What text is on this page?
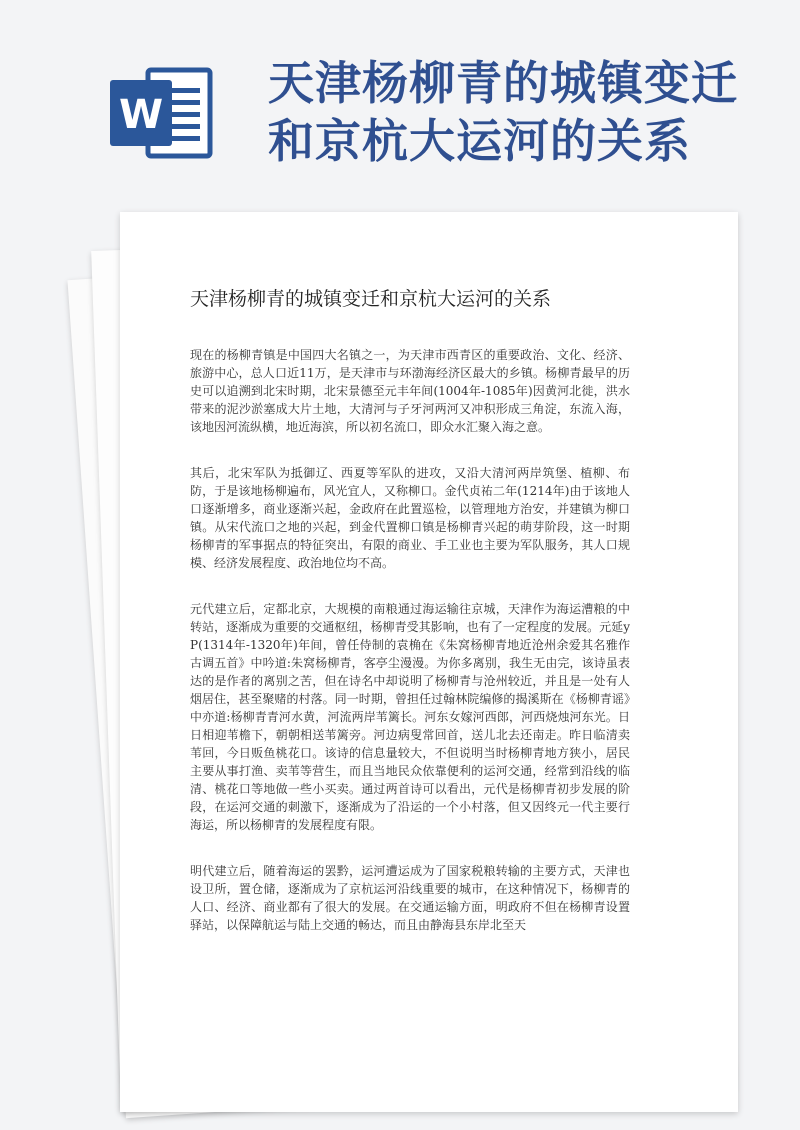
W
天津杨柳青的城镇变迁
和京杭大运河的关系
天津杨柳青的城镇变迁和京杭大运河的关系

现在的杨柳青镇是中国四大名镇之一，为天津市西青区的重要政治、文化、经济、旅游中心，总人口近11万，是天津市与环渤海经济区最大的乡镇。杨柳青最早的历史可以追溯到北宋时期，北宋景德至元丰年间(1004年-1085年)因黄河北徙，洪水带来的泥沙淤塞成大片土地，大清河与子牙河两河又冲积形成三角淀，东流入海，该地因河流纵横，地近海滨，所以初名流口，即众水汇聚入海之意。

其后，北宋军队为抵御辽、西夏等军队的进攻，又沿大清河两岸筑堡、植柳、布防，于是该地杨柳遍布，风光宜人，又称柳口。金代贞祐二年(1214年)由于该地人口逐渐增多，商业逐渐兴起，金政府在此置巡检，以管理地方治安，并建镇为柳口镇。从宋代流口之地的兴起，到金代置柳口镇是杨柳青兴起的萌芽阶段，这一时期杨柳青的军事据点的特征突出，有限的商业、手工业也主要为军队服务，其人口规模、经济发展程度、政治地位均不高。

元代建立后，定都北京，大规模的南粮通过海运输往京城，天津作为海运漕粮的中转站，逐渐成为重要的交通枢纽，杨柳青受其影响，也有了一定程度的发展。元延yP(1314年-1320年)年间，曾任侍制的袁桷在《朱窝杨柳青地近沧州余爱其名雅作古调五首》中吟道:朱窝杨柳青，客亭尘漫漫。为你多离别，我生无由完，该诗虽表达的是作者的离别之苦，但在诗名中却说明了杨柳青与沧州较近，并且是一处有人烟居住，甚至聚赌的村落。同一时期，曾担任过翰林院编修的揭溪斯在《杨柳青谣》中亦道:杨柳青青河水黄，河流两岸苇篱长。河东女嫁河西郎，河西烧烛河东光。日日相迎苇檐下，朝朝相送苇篱旁。河边病叟常回首，送儿北去还南走。昨日临清卖苇回，今日贩鱼桃花口。该诗的信息量较大，不但说明当时杨柳青地方狭小，居民主要从事打渔、卖苇等营生，而且当地民众依靠便利的运河交通，经常到沿线的临清、桃花口等地做一些小买卖。通过两首诗可以看出，元代是杨柳青初步发展的阶段，在运河交通的刺激下，逐渐成为了沿运的一个小村落，但又因终元一代主要行海运，所以杨柳青的发展程度有限。

明代建立后，随着海运的罢黔，运河遭运成为了国家税粮转输的主要方式，天津也设卫所，置仓储，逐渐成为了京杭运河沿线重要的城市，在这种情况下，杨柳青的人口、经济、商业都有了很大的发展。在交通运输方面，明政府不但在杨柳青设置驿站，以保障航运与陆上交通的畅达，而且由静海县东岸北至天
